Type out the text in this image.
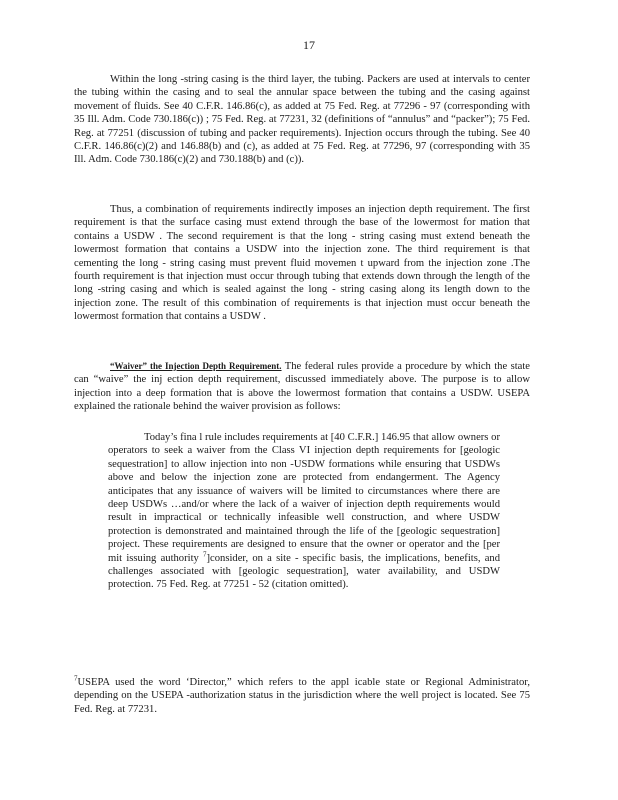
17

Within the long -string casing is the third layer, the tubing. Packers are used at intervals to center the tubing within the casing and to seal the annular space between the tubing and the casing against movement of fluids. See 40 C.F.R. 146.86(c), as added at 75 Fed. Reg. at 77296 - 97 (corresponding with 35 Ill. Adm. Code 730.186(c)) ; 75 Fed. Reg. at 77231, 32 (definitions of “annulus” and “packer”); 75 Fed. Reg. at 77251 (discussion of tubing and packer requirements). Injection occurs through the tubing. See 40 C.F.R. 146.86(c)(2) and 146.88(b) and (c), as added at 75 Fed. Reg. at 77296, 97 (corresponding with 35 Ill. Adm. Code 730.186(c)(2) and 730.188(b) and (c)).

Thus, a combination of requirements indirectly imposes an injection depth requirement. The first requirement is that the surface casing must extend through the base of the lowermost for mation that contains a USDW . The second requirement is that the long - string casing must extend beneath the lowermost formation that contains a USDW into the injection zone. The third requirement is that cementing the long - string casing must prevent fluid movemen t upward from the injection zone .The fourth requirement is that injection must occur through tubing that extends down through the length of the long -string casing and which is sealed against the long - string casing along its length down to the injection zone. The result of this combination of requirements is that injection must occur beneath the lowermost formation that contains a USDW .

“Waiver” the Injection Depth Requirement. The federal rules provide a procedure by which the state can “waive” the inj ection depth requirement, discussed immediately above. The purpose is to allow injection into a deep formation that is above the lowermost formation that contains a USDW. USEPA explained the rationale behind the waiver provision as follows:

Today’s fina l rule includes requirements at [40 C.F.R.] 146.95 that allow owners or operators to seek a waiver from the Class VI injection depth requirements for [geologic sequestration] to allow injection into non -USDW formations while ensuring that USDWs above and below the injection zone are protected from endangerment. The Agency anticipates that any issuance of waivers will be limited to circumstances where there are deep USDWs …and/or where the lack of a waiver of injection depth requirements would result in impractical or technically infeasible well construction, and where USDW protection is demonstrated and maintained through the life of the [geologic sequestration] project. These requirements are designed to ensure that the owner or operator and the [per mit issuing authority $^7$]consider, on a site - specific basis, the implications, benefits, and challenges associated with [geologic sequestration], water availability, and USDW protection. 75 Fed. Reg. at 77251 - 52 (citation omitted).

$^7$USEPA used the word ‘Director,” which refers to the appl icable state or Regional Administrator, depending on the USEPA -authorization status in the jurisdiction where the well project is located. See 75 Fed. Reg. at 77231.
